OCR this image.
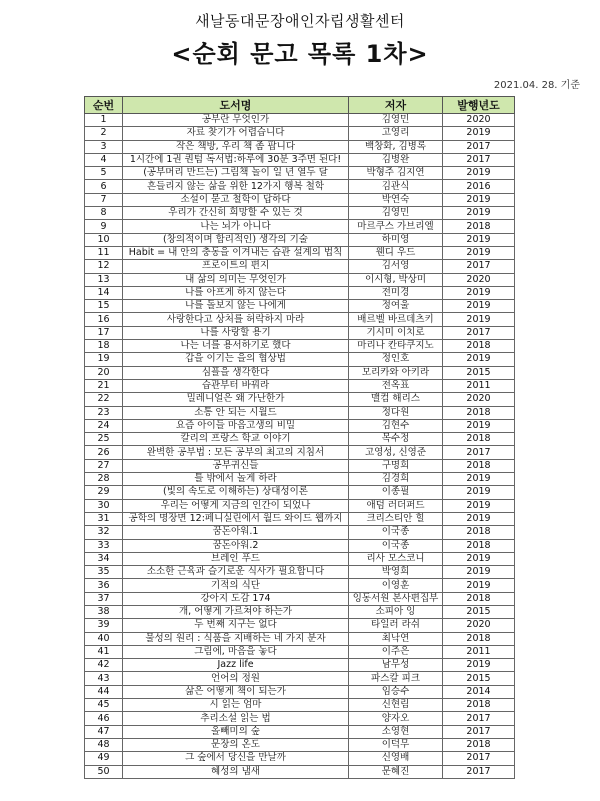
새날동대문장애인자립생활센터
<순회 문고 목록 1차>
2021.04. 28. 기준
순번	도서명	저자	발행년도
1	공부란 무엇인가	김영민	2020
2	자료 찾기가 어렵습니다	고영리	2019
3	작은 책방, 우리 책 좀 팝니다	백창화, 김병록	2017
4	1시간에 1권 퀀텀 독서법:하루에 30분 3주면 된다!	김병완	2017
5	(공부머리 만드는) 그림책 놀이 일 년 열두 달	박형주 김지연	2019
6	흔들리지 않는 삶을 위한 12가지 행복 철학	김관식	2016
7	소설이 묻고 철학이 답하다	박연숙	2019
8	우리가 간신히 희망할 수 있는 것	김영민	2019
9	나는 뇌가 아니다	마르쿠스 가브리엘	2018
10	(창의적이며 합리적인) 생각의 기술	하미영	2019
11	Habit = 내 안의 충동을 이겨내는 습관 설계의 법칙	웬디 우드	2019
12	프로이트의 편지	김서영	2017
13	내 삶의 의미는 무엇인가	이시형, 박상미	2020
14	나를 아프게 하지 않는다	전미경	2019
15	나를 돌보지 않는 나에게	정여울	2019
16	사랑한다고 상처를 허락하지 마라	배르벨 바르데츠키	2019
17	나를 사랑할 용기	기시미 이치로	2017
18	나는 너를 용서하기로 했다	마리나 칸타쿠지노	2018
19	갑을 이기는 을의 협상법	정인호	2019
20	심플을 생각한다	모리카와 아키라	2015
21	습관부터 바꿔라	전옥표	2011
22	밀레니얼은 왜 가난한가	맬컴 해리스	2020
23	소통 안 되는 시월드	정다원	2018
24	요즘 아이들 마음고생의 비밀	김현수	2019
25	칼리의 프랑스 학교 이야기	목수정	2018
26	완벽한 공부법 : 모든 공부의 최고의 지침서	고영성, 신영준	2017
27	공부귀신들	구명희	2018
28	틀 밖에서 놀게 하라	김경희	2019
29	(빛의 속도로 이해하는) 상대성이론	이종필	2019
30	우리는 어떻게 지금의 인간이 되었나	애덤 러더퍼드	2019
31	공학의 명장면 12:페니실린에서 월드 와이드 웹까지	크리스티안 힐	2019
32	꿈돈아워.1	이국종	2018
33	꿈돈아워.2	이국종	2018
34	브레인 푸드	리사 모스코니	2019
35	소소한 근육과 슬기로운 식사가 필요합니다	박영희	2019
36	기적의 식단	이영훈	2019
37	강아지 도감 174	잉동서원 본사편집부	2018
38	개, 어떻게 가르쳐야 하는가	소피아 잉	2015
39	두 번째 지구는 없다	타일러 라쉬	2020
40	물성의 원리 : 식품을 지배하는 네 가지 분자	최낙연	2018
41	그림에, 마음을 놓다	이주은	2011
42	Jazz life	남무성	2019
43	언어의 정원	파스칼 피크	2015
44	삶은 어떻게 책이 되는가	임승수	2014
45	시 읽는 엄마	신현림	2018
46	추리소설 읽는 법	양자오	2017
47	올빼미의 숲	소영현	2017
48	문장의 온도	이덕무	2018
49	그 숲에서 당신을 만날까	신영배	2017
50	혜성의 냄새	문혜진	2017
